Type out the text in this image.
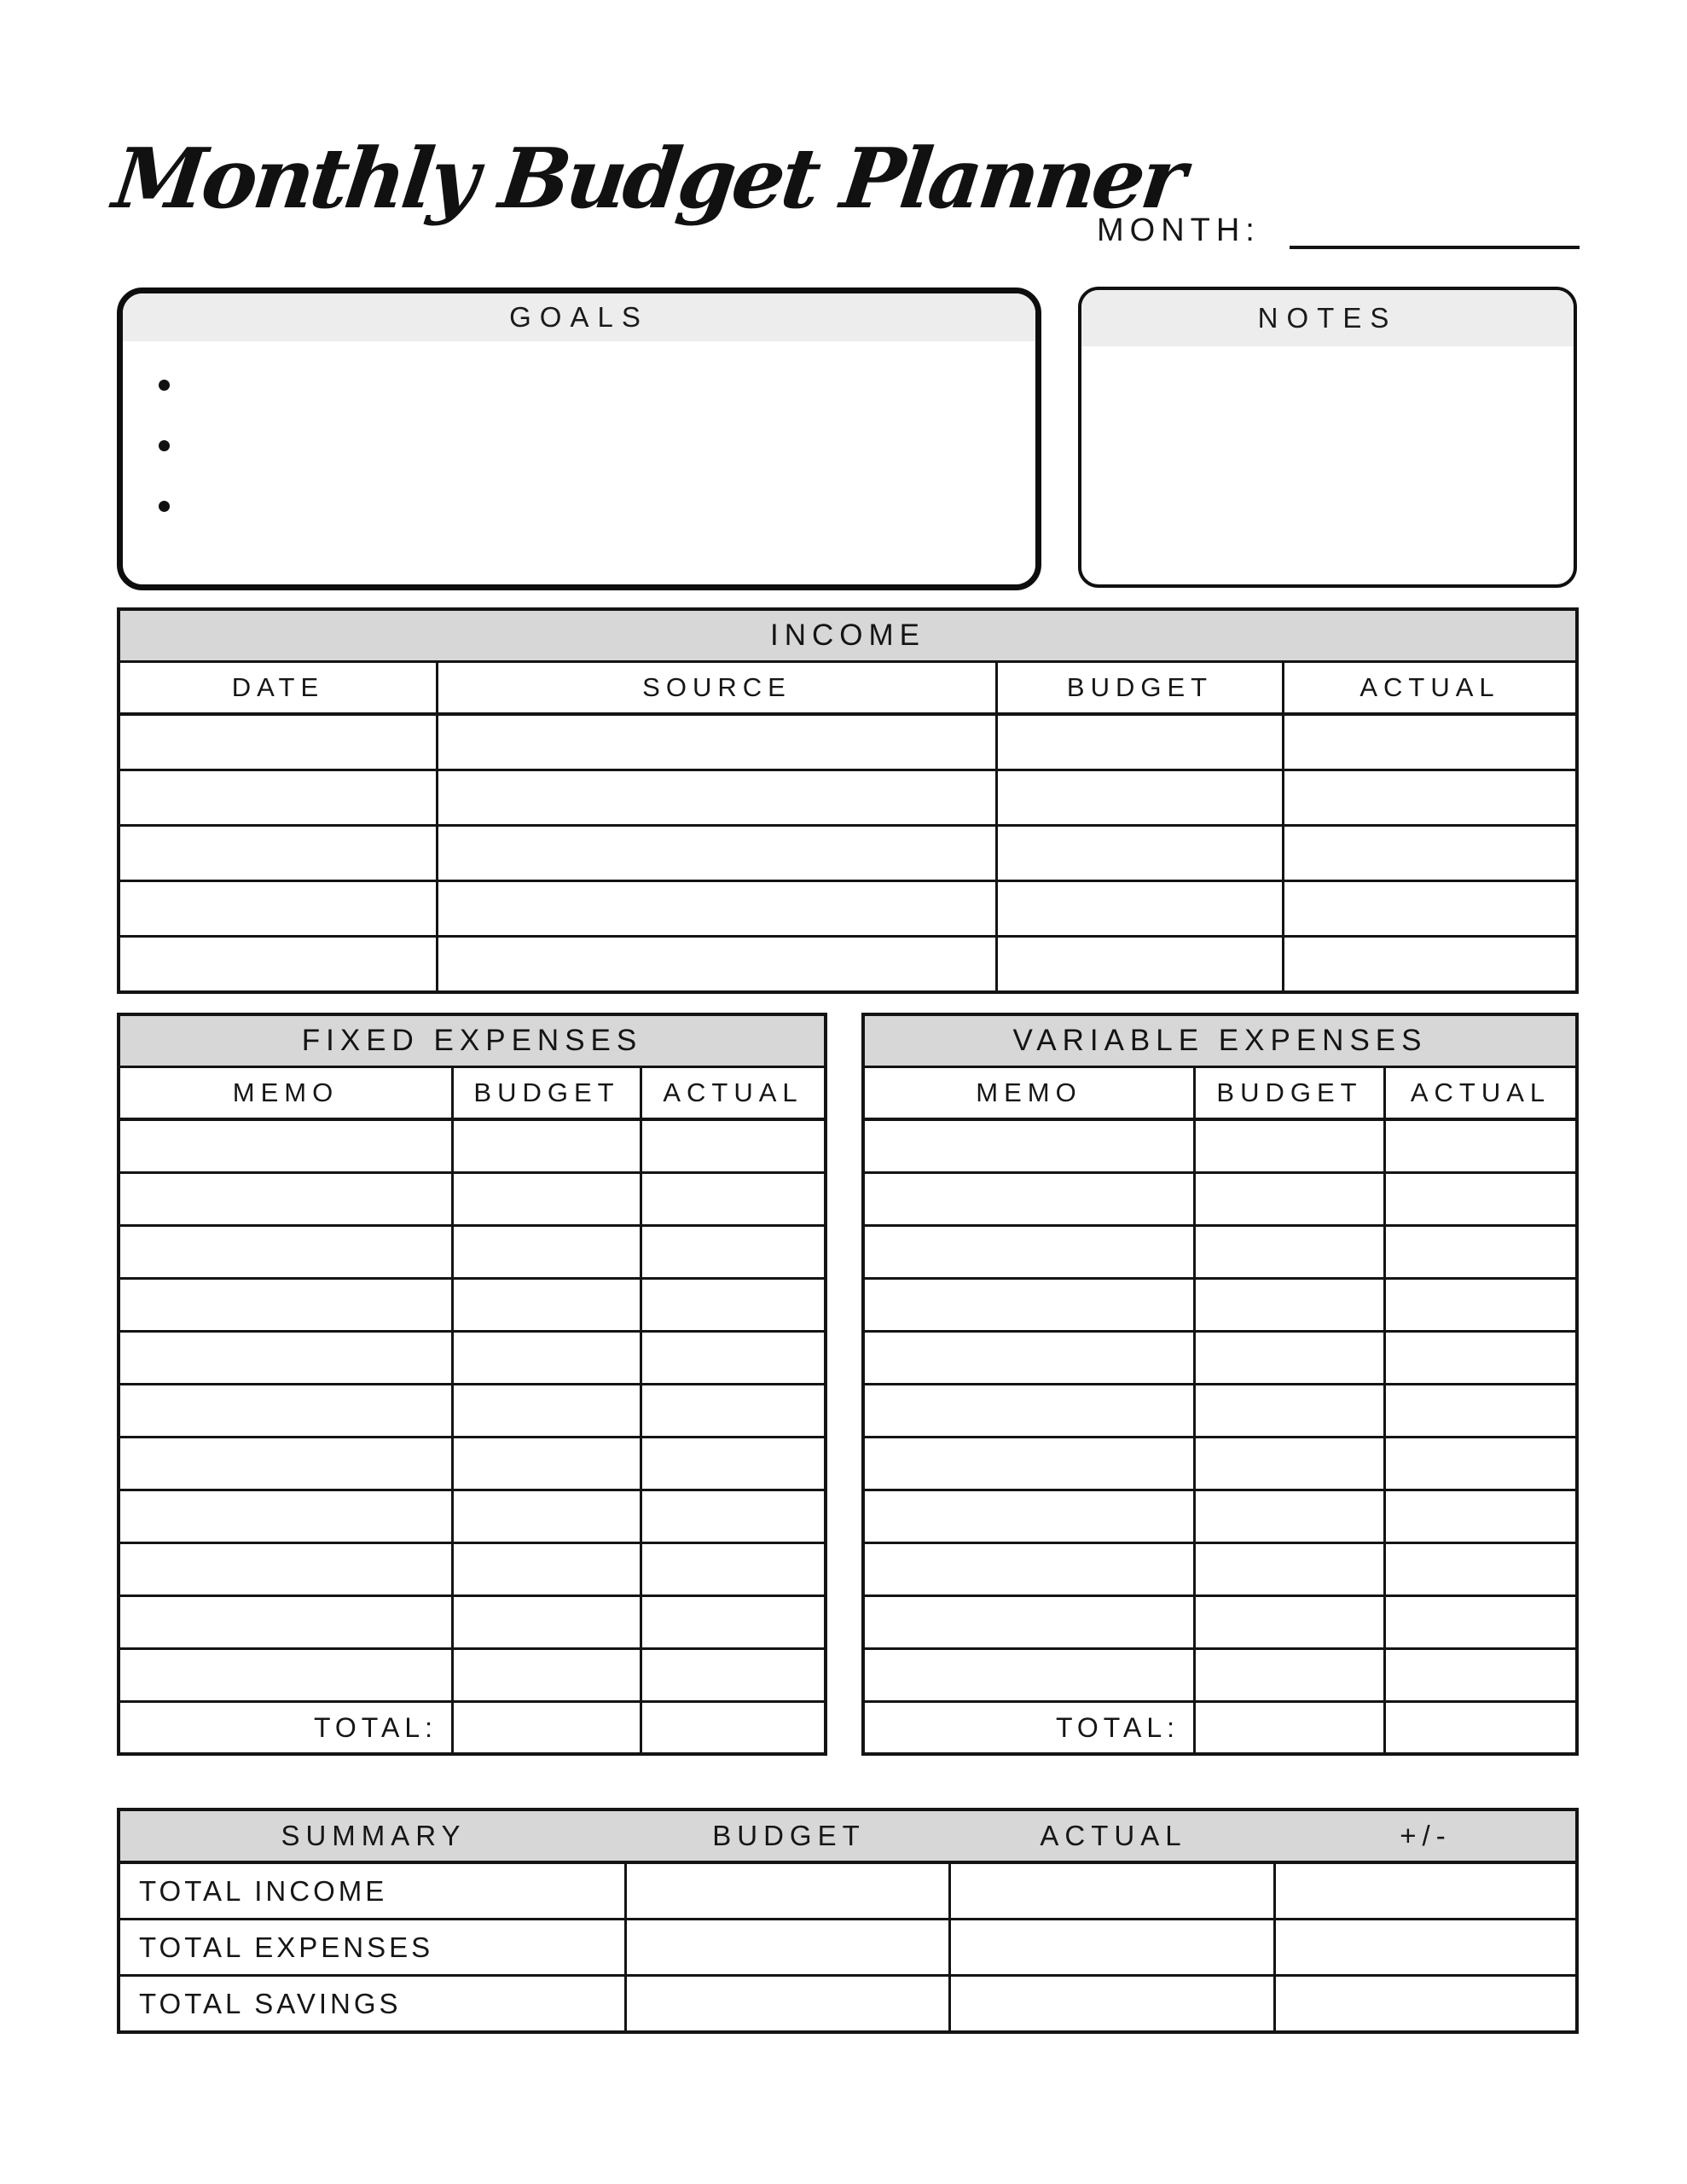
Monthly Budget Planner
MONTH:
GOALS	NOTES
INCOME
DATE	SOURCE	BUDGET	ACTUAL
FIXED EXPENSES
MEMO	BUDGET	ACTUAL
TOTAL:
VARIABLE EXPENSES
MEMO	BUDGET	ACTUAL
TOTAL:
SUMMARY	BUDGET	ACTUAL	+/-
TOTAL INCOME
TOTAL EXPENSES
TOTAL SAVINGS
